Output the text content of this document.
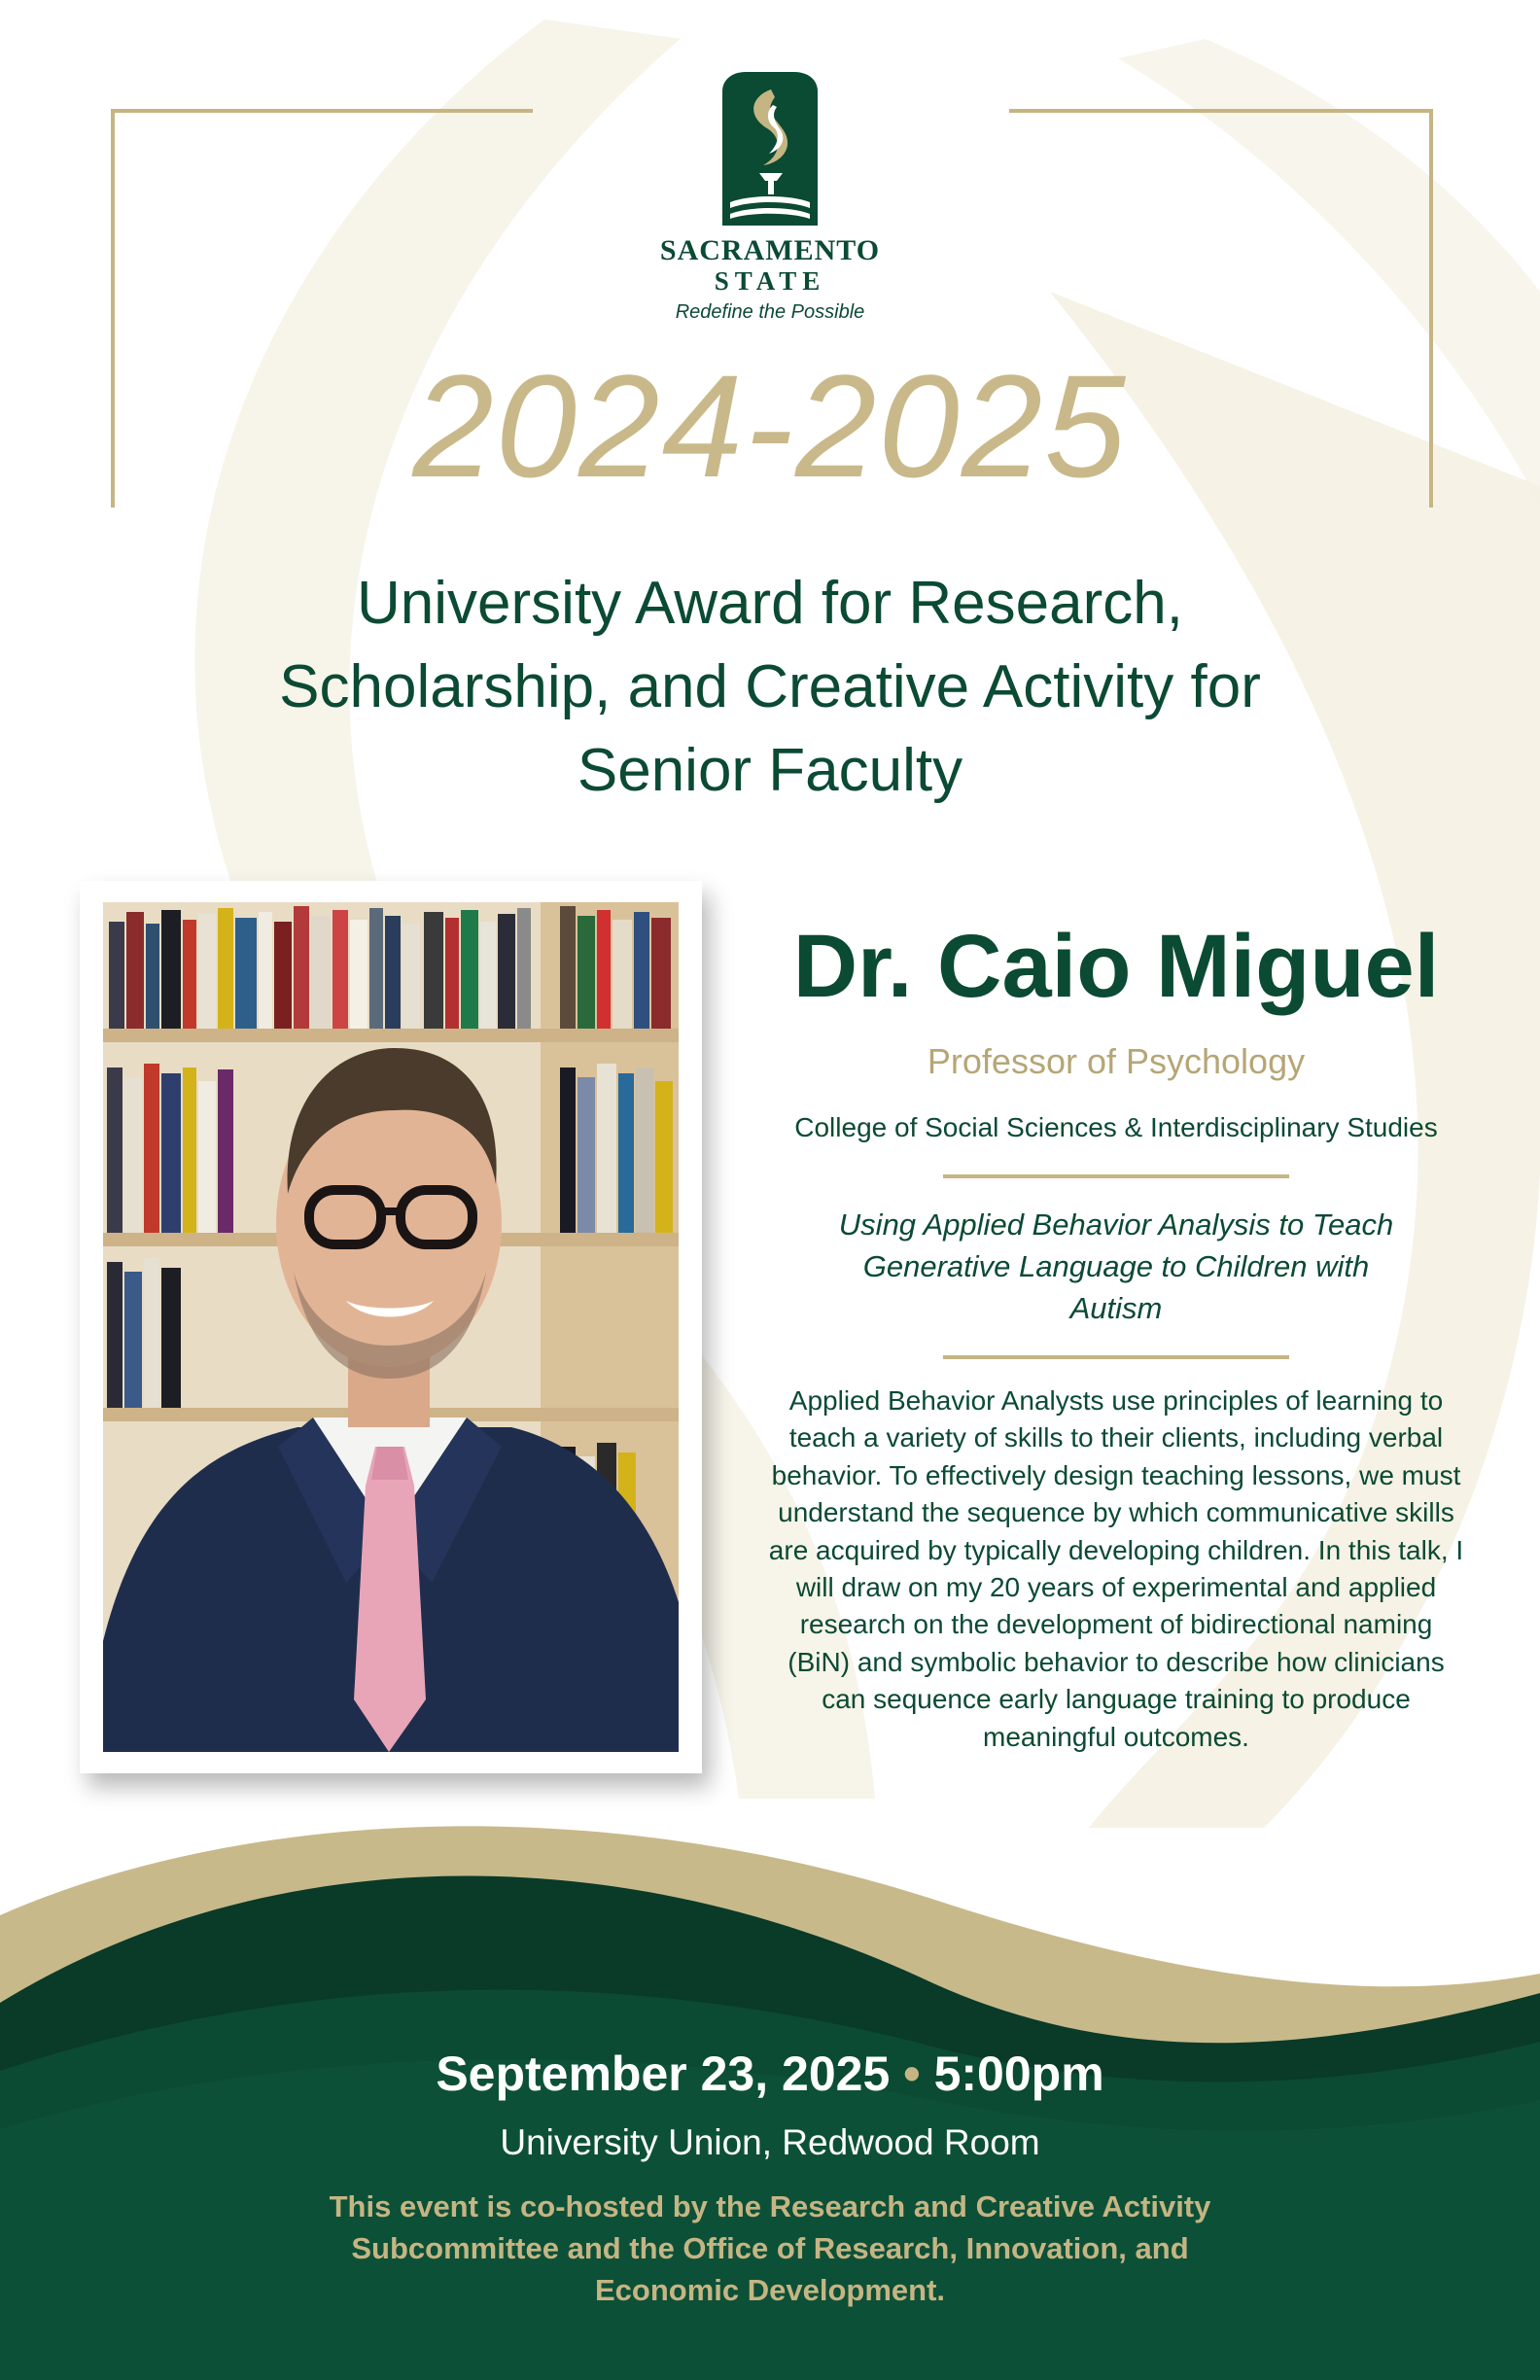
SACRAMENTO
STATE
Redefine the Possible
2024-2025
University Award for Research, Scholarship, and Creative Activity for Senior Faculty
Dr. Caio Miguel
Professor of Psychology
College of Social Sciences & Interdisciplinary Studies
Using Applied Behavior Analysis to Teach Generative Language to Children with Autism
Applied Behavior Analysts use principles of learning to teach a variety of skills to their clients, including verbal behavior. To effectively design teaching lessons, we must understand the sequence by which communicative skills are acquired by typically developing children. In this talk, I will draw on my 20 years of experimental and applied research on the development of bidirectional naming (BiN) and symbolic behavior to describe how clinicians can sequence early language training to produce meaningful outcomes.
September 23, 2025 • 5:00pm
University Union, Redwood Room
This event is co-hosted by the Research and Creative Activity Subcommittee and the Office of Research, Innovation, and Economic Development.
